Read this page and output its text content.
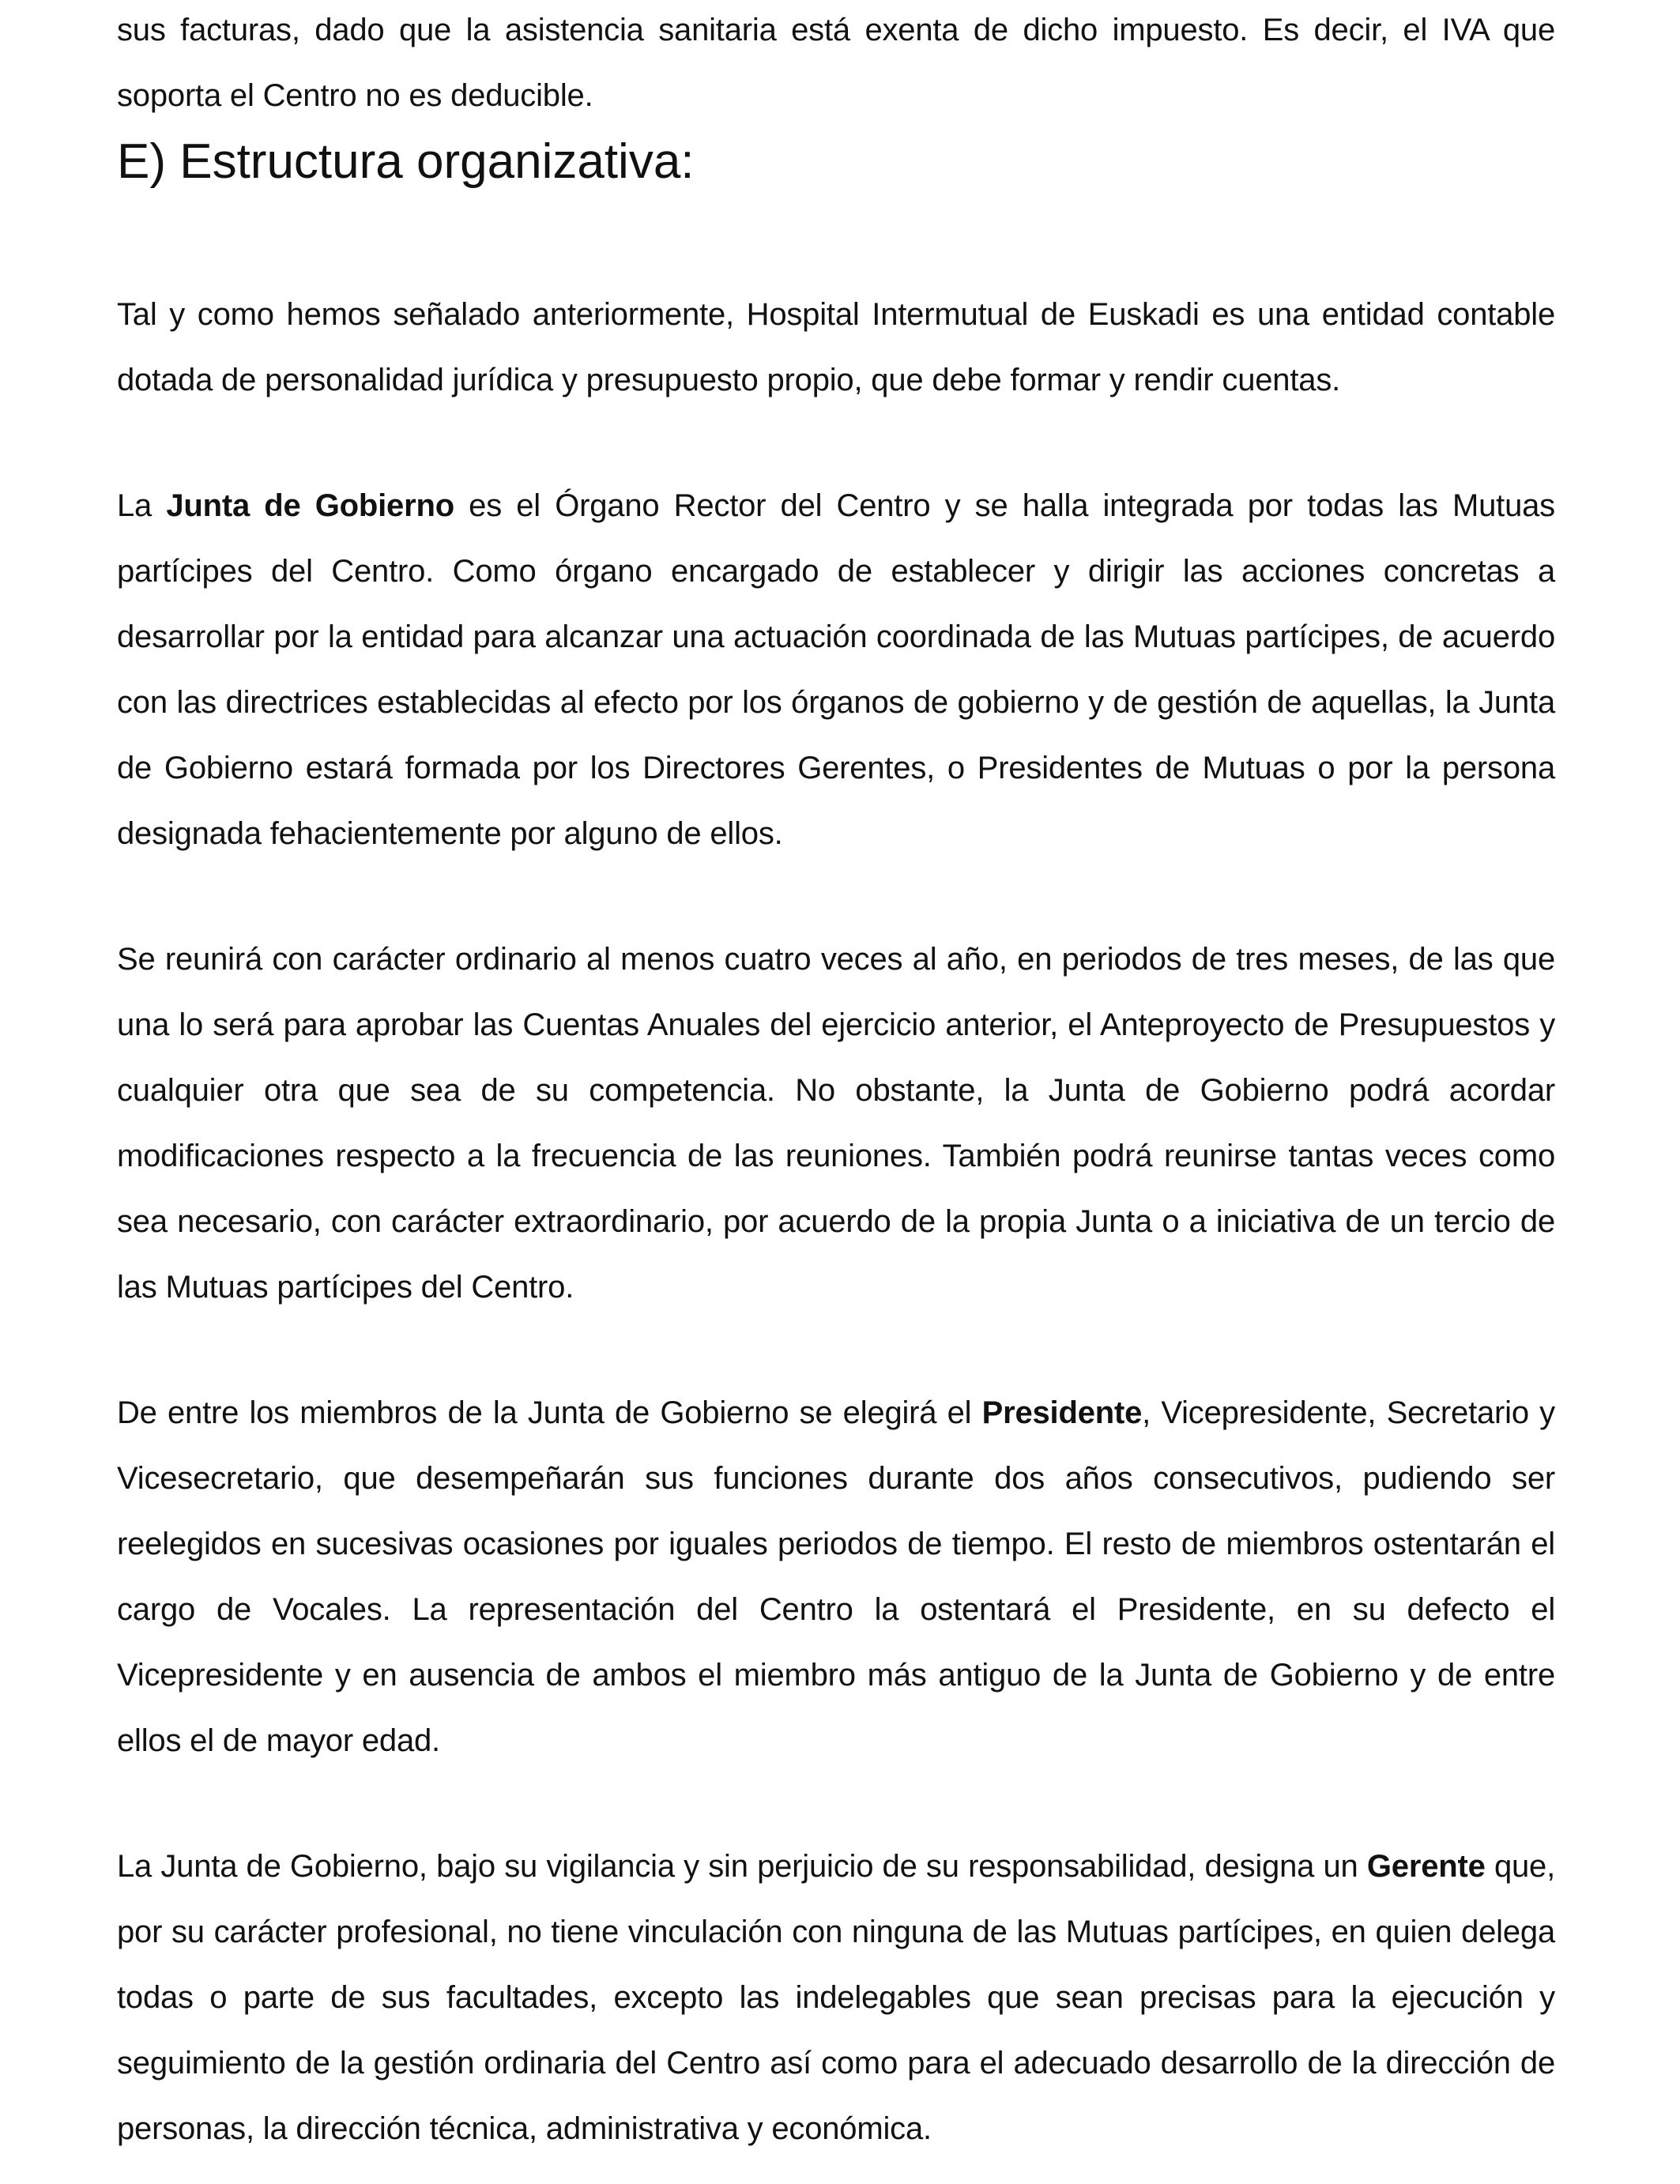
sus facturas, dado que la asistencia sanitaria está exenta de dicho impuesto. Es decir, el IVA que soporta el Centro no es deducible.

E) Estructura organizativa:

Tal y como hemos señalado anteriormente, Hospital Intermutual de Euskadi es una entidad contable dotada de personalidad jurídica y presupuesto propio, que debe formar y rendir cuentas.

La Junta de Gobierno es el Órgano Rector del Centro y se halla integrada por todas las Mutuas partícipes del Centro. Como órgano encargado de establecer y dirigir las acciones concretas a desarrollar por la entidad para alcanzar una actuación coordinada de las Mutuas partícipes, de acuerdo con las directrices establecidas al efecto por los órganos de gobierno y de gestión de aquellas, la Junta de Gobierno estará formada por los Directores Gerentes, o Presidentes de Mutuas o por la persona designada fehacientemente por alguno de ellos.

Se reunirá con carácter ordinario al menos cuatro veces al año, en periodos de tres meses, de las que una lo será para aprobar las Cuentas Anuales del ejercicio anterior, el Anteproyecto de Presupuestos y cualquier otra que sea de su competencia. No obstante, la Junta de Gobierno podrá acordar modificaciones respecto a la frecuencia de las reuniones. También podrá reunirse tantas veces como sea necesario, con carácter extraordinario, por acuerdo de la propia Junta o a iniciativa de un tercio de las Mutuas partícipes del Centro.

De entre los miembros de la Junta de Gobierno se elegirá el Presidente, Vicepresidente, Secretario y Vicesecretario, que desempeñarán sus funciones durante dos años consecutivos, pudiendo ser reelegidos en sucesivas ocasiones por iguales periodos de tiempo. El resto de miembros ostentarán el cargo de Vocales. La representación del Centro la ostentará el Presidente, en su defecto el Vicepresidente y en ausencia de ambos el miembro más antiguo de la Junta de Gobierno y de entre ellos el de mayor edad.

La Junta de Gobierno, bajo su vigilancia y sin perjuicio de su responsabilidad, designa un Gerente que, por su carácter profesional, no tiene vinculación con ninguna de las Mutuas partícipes, en quien delega todas o parte de sus facultades, excepto las indelegables que sean precisas para la ejecución y seguimiento de la gestión ordinaria del Centro así como para el adecuado desarrollo de la dirección de personas, la dirección técnica, administrativa y económica.
